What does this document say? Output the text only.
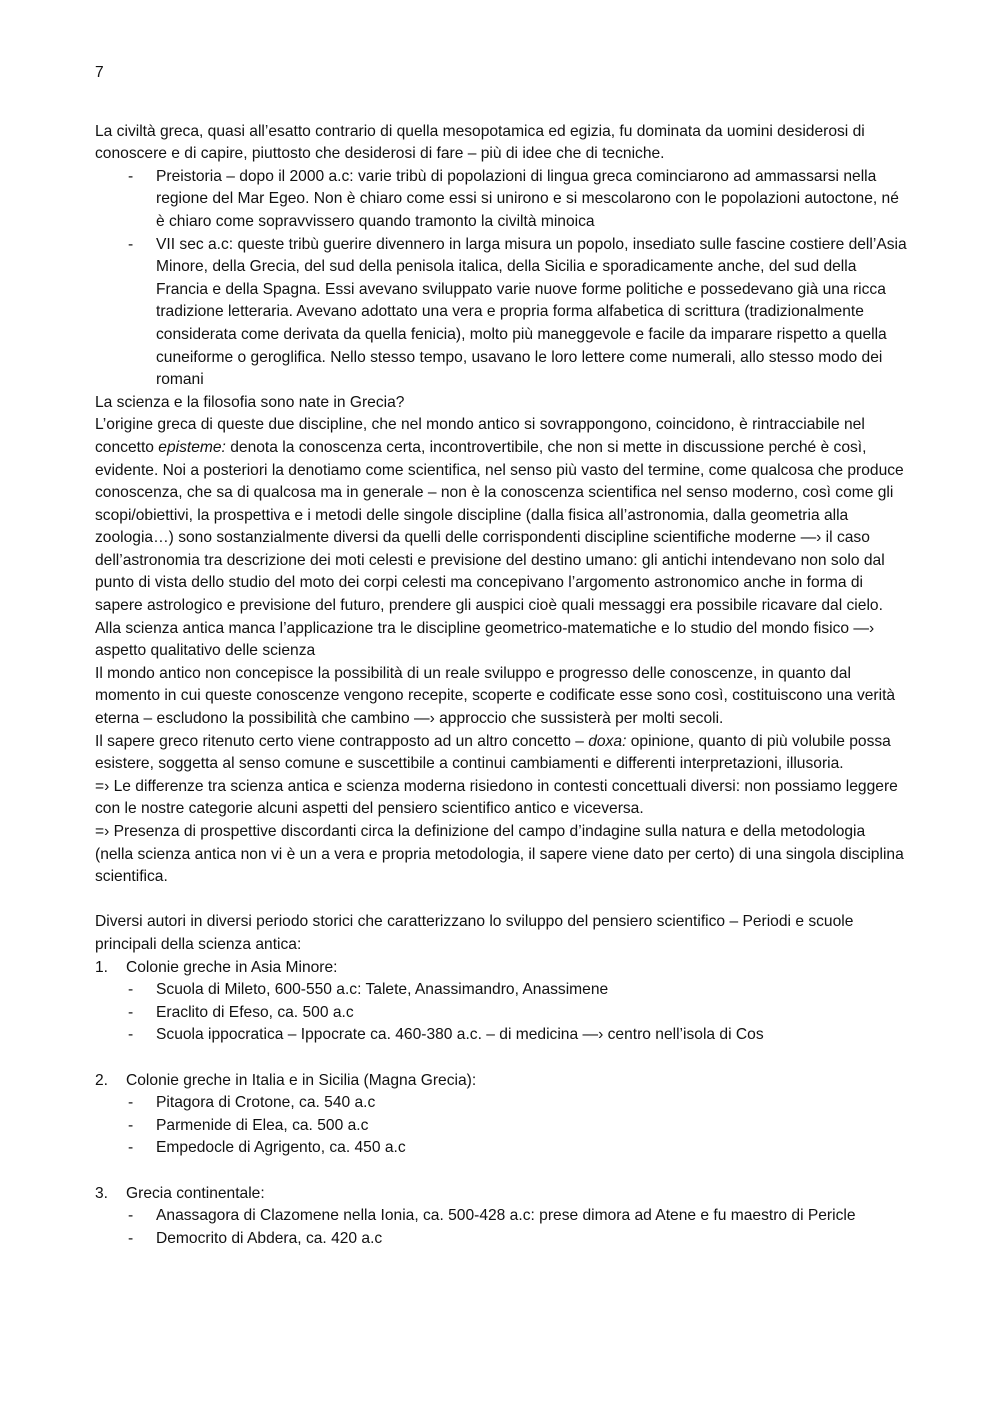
7

La civiltà greca, quasi all’esatto contrario di quella mesopotamica ed egizia, fu dominata da uomini desiderosi di conoscere e di capire, piuttosto che desiderosi di fare – più di idee che di tecniche.

- Preistoria – dopo il 2000 a.c: varie tribù di popolazioni di lingua greca cominciarono ad ammassarsi nella regione del Mar Egeo. Non è chiaro come essi si unirono e si mescolarono con le popolazioni autoctone, né è chiaro come sopravvissero quando tramonto la civiltà minoica
- VII sec a.c: queste tribù guerire divennero in larga misura un popolo, insediato sulle fascine costiere dell’Asia Minore, della Grecia, del sud della penisola italica, della Sicilia e sporadicamente anche, del sud della Francia e della Spagna. Essi avevano sviluppato varie nuove forme politiche e possedevano già una ricca tradizione letteraria. Avevano adottato una vera e propria forma alfabetica di scrittura (tradizionalmente considerata come derivata da quella fenicia), molto più maneggevole e facile da imparare rispetto a quella cuneiforme o geroglifica. Nello stesso tempo, usavano le loro lettere come numerali, allo stesso modo dei romani

La scienza e la filosofia sono nate in Grecia?

L’origine greca di queste due discipline, che nel mondo antico si sovrappongono, coincidono, è rintracciabile nel concetto episteme: denota la conoscenza certa, incontrovertibile, che non si mette in discussione perché è così, evidente. Noi a posteriori la denotiamo come scientifica, nel senso più vasto del termine, come qualcosa che produce conoscenza, che sa di qualcosa ma in generale – non è la conoscenza scientifica nel senso moderno, così come gli scopi/obiettivi, la prospettiva e i metodi delle singole discipline (dalla fisica all’astronomia, dalla geometria alla zoologia…) sono sostanzialmente diversi da quelli delle corrispondenti discipline scientifiche moderne —› il caso dell’astronomia tra descrizione dei moti celesti e previsione del destino umano: gli antichi intendevano non solo dal punto di vista dello studio del moto dei corpi celesti ma concepivano l’argomento astronomico anche in forma di sapere astrologico e previsione del futuro, prendere gli auspici cioè quali messaggi era possibile ricavare dal cielo.

Alla scienza antica manca l’applicazione tra le discipline geometrico-matematiche e lo studio del mondo fisico —› aspetto qualitativo delle scienza

Il mondo antico non concepisce la possibilità di un reale sviluppo e progresso delle conoscenze, in quanto dal momento in cui queste conoscenze vengono recepite, scoperte e codificate esse sono così, costituiscono una verità eterna – escludono la possibilità che cambino —› approccio che sussisterà per molti secoli.

Il sapere greco ritenuto certo viene contrapposto ad un altro concetto – doxa: opinione, quanto di più volubile possa esistere, soggetta al senso comune e suscettibile a continui cambiamenti e differenti interpretazioni, illusoria.

=› Le differenze tra scienza antica e scienza moderna risiedono in contesti concettuali diversi: non possiamo leggere con le nostre categorie alcuni aspetti del pensiero scientifico antico e viceversa.

=› Presenza di prospettive discordanti circa la definizione del campo d’indagine sulla natura e della metodologia (nella scienza antica non vi è un a vera e propria metodologia, il sapere viene dato per certo) di una singola disciplina scientifica.

Diversi autori in diversi periodo storici che caratterizzano lo sviluppo del pensiero scientifico – Periodi e scuole principali della scienza antica:

1. Colonie greche in Asia Minore:
- Scuola di Mileto, 600-550 a.c: Talete, Anassimandro, Anassimene
- Eraclito di Efeso, ca. 500 a.c
- Scuola ippocratica – Ippocrate ca. 460-380 a.c. – di medicina —› centro nell’isola di Cos
2. Colonie greche in Italia e in Sicilia (Magna Grecia):
- Pitagora di Crotone, ca. 540 a.c
- Parmenide di Elea, ca. 500 a.c
- Empedocle di Agrigento, ca. 450 a.c
3. Grecia continentale:
- Anassagora di Clazomene nella Ionia, ca. 500-428 a.c: prese dimora ad Atene e fu maestro di Pericle
- Democrito di Abdera, ca. 420 a.c
